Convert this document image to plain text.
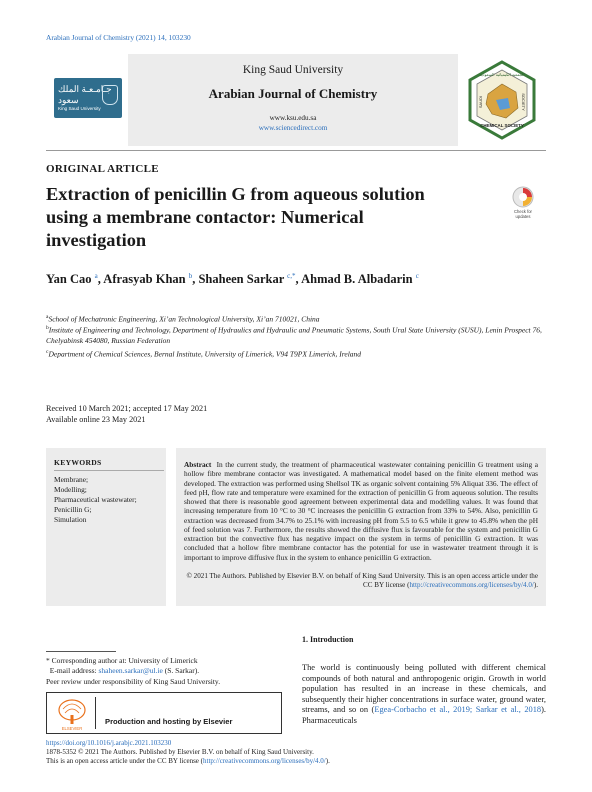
Arabian Journal of Chemistry (2021) 14, 103230
جـامـعـة الملك سعود
King Saud University
King Saud University
Arabian Journal of Chemistry
www.ksu.edu.sa
www.sciencedirect.com
الجمعية الكيميائية السعودية
CHEMICAL SOCIETY
SAUDI	SOCIETY
ORIGINAL ARTICLE
Extraction of penicillin G from aqueous solution using a membrane contactor: Numerical investigation
Check for updates
Yan Cao $^a$, Afrasyab Khan $^b$, Shaheen Sarkar $^{c,*}$, Ahmad B. Albadarin $^c$
$^a$School of Mechatronic Engineering, Xi’an Technological University, Xi’an 710021, China
$^b$Institute of Engineering and Technology, Department of Hydraulics and Hydraulic and Pneumatic Systems, South Ural State University (SUSU), Lenin Prospect 76, Chelyabinsk 454080, Russian Federation
$^c$Department of Chemical Sciences, Bernal Institute, University of Limerick, V94 T9PX Limerick, Ireland
Received 10 March 2021; accepted 17 May 2021
Available online 23 May 2021
KEYWORDS
Membrane;
Modelling;
Pharmaceutical wastewater;
Penicillin G;
Simulation
Abstract In the current study, the treatment of pharmaceutical wastewater containing penicillin G treatment using a hollow fibre membrane contactor was investigated. A mathematical model based on the finite element method was developed. The extraction was performed using Shellsol TK as organic solvent containing 5% Aliquat 336. The effect of feed pH, flow rate and temperature were examined for the extraction of penicillin G from aqueous solution. The results showed that there is reasonable good agreement between experimental data and modelling values. It was found that increasing temperature from 10 °C to 30 °C increases the penicillin G extraction from 33% to 54%. Also, penicillin G extraction was decreased from 34.7% to 25.1% with increasing pH from 5.5 to 6.5 while it grew to 45.8% when the pH of feed solution was 7. Furthermore, the results showed the diffusive flux is favourable for the system and penicillin G extraction but the convective flux has negative impact on the system in terms of penicillin G extraction. It was concluded that a hollow fibre membrane contactor has the potential for use in wastewater treatment through it is important to improve diffusive flux in the system to enhance penicillin G extraction.
© 2021 The Authors. Published by Elsevier B.V. on behalf of King Saud University. This is an open access article under the CC BY license (http://creativecommons.org/licenses/by/4.0/).
1. Introduction
The world is continuously being polluted with different chemical compounds of both natural and anthropogenic origin. Growth in world population has resulted in an increase in these chemicals, and subsequently their higher concentrations in surface water, ground water, streams, and so on (Egea-Corbacho et al., 2019; Sarkar et al., 2018). Pharmaceuticals
* Corresponding author at: University of Limerick
E-mail address: shaheen.sarkar@ul.ie (S. Sarkar).
Peer review under responsibility of King Saud University.
ELSEVIER
Production and hosting by Elsevier
https://doi.org/10.1016/j.arabjc.2021.103230
1878-5352 © 2021 The Authors. Published by Elsevier B.V. on behalf of King Saud University.
This is an open access article under the CC BY license (http://creativecommons.org/licenses/by/4.0/).
